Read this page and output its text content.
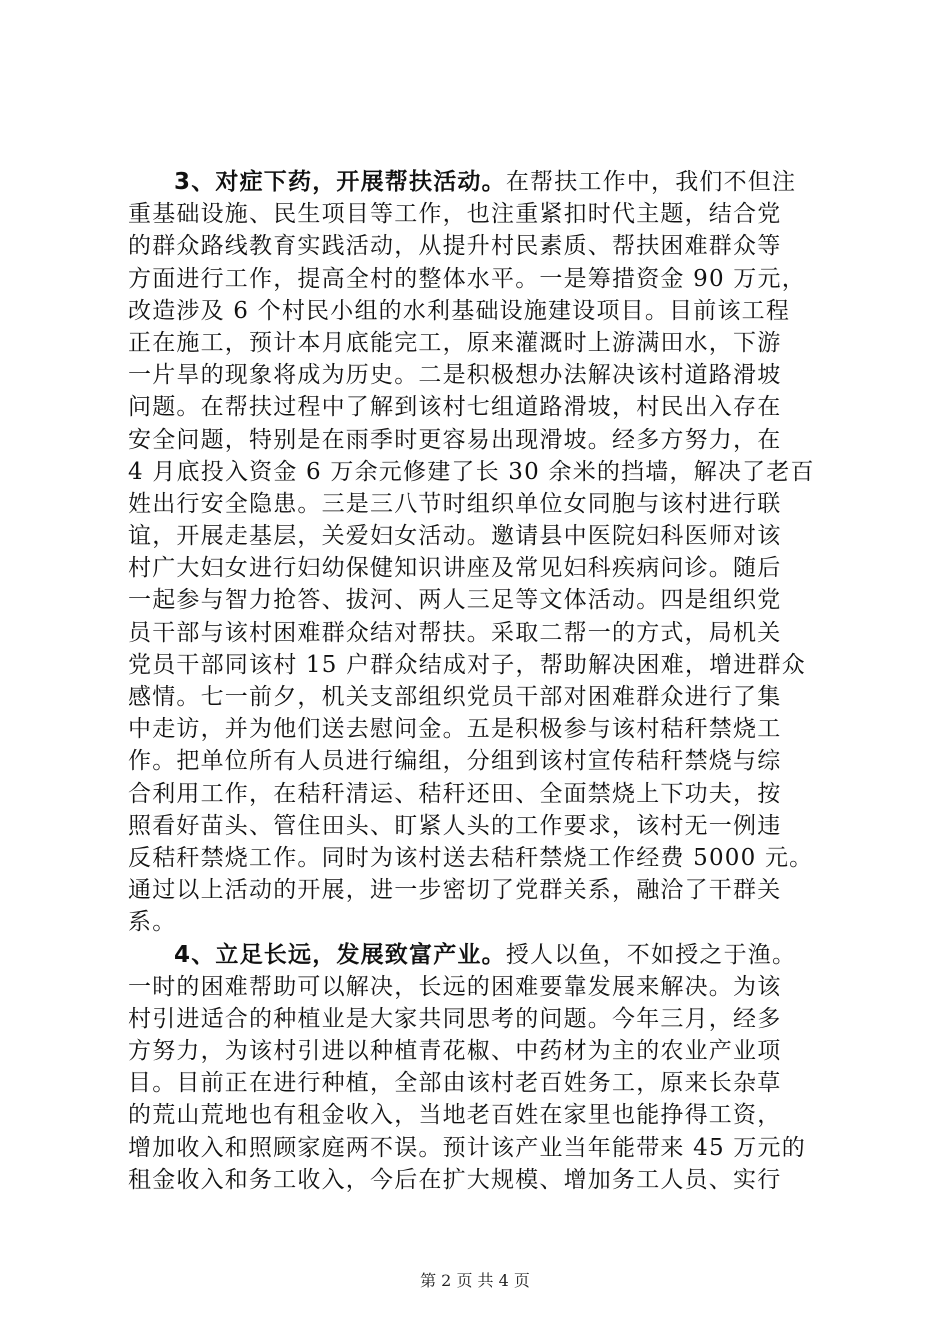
3、对症下药，开展帮扶活动。在帮扶工作中，我们不但注
重基础设施、民生项目等工作，也注重紧扣时代主题，结合党
的群众路线教育实践活动，从提升村民素质、帮扶困难群众等
方面进行工作，提高全村的整体水平。一是筹措资金 90 万元，
改造涉及 6 个村民小组的水利基础设施建设项目。目前该工程
正在施工，预计本月底能完工，原来灌溉时上游满田水，下游
一片旱的现象将成为历史。二是积极想办法解决该村道路滑坡
问题。在帮扶过程中了解到该村七组道路滑坡，村民出入存在
安全问题，特别是在雨季时更容易出现滑坡。经多方努力，在
4 月底投入资金 6 万余元修建了长 30 余米的挡墙，解决了老百
姓出行安全隐患。三是三八节时组织单位女同胞与该村进行联
谊，开展走基层，关爱妇女活动。邀请县中医院妇科医师对该
村广大妇女进行妇幼保健知识讲座及常见妇科疾病问诊。随后
一起参与智力抢答、拔河、两人三足等文体活动。四是组织党
员干部与该村困难群众结对帮扶。采取二帮一的方式，局机关
党员干部同该村 15 户群众结成对子，帮助解决困难，增进群众
感情。七一前夕，机关支部组织党员干部对困难群众进行了集
中走访，并为他们送去慰问金。五是积极参与该村秸秆禁烧工
作。把单位所有人员进行编组，分组到该村宣传秸秆禁烧与综
合利用工作，在秸秆清运、秸秆还田、全面禁烧上下功夫，按
照看好苗头、管住田头、盯紧人头的工作要求，该村无一例违
反秸秆禁烧工作。同时为该村送去秸秆禁烧工作经费 5000 元。
通过以上活动的开展，进一步密切了党群关系，融洽了干群关
系。
4、立足长远，发展致富产业。授人以鱼，不如授之于渔。
一时的困难帮助可以解决，长远的困难要靠发展来解决。为该
村引进适合的种植业是大家共同思考的问题。今年三月，经多
方努力，为该村引进以种植青花椒、中药材为主的农业产业项
目。目前正在进行种植，全部由该村老百姓务工，原来长杂草
的荒山荒地也有租金收入，当地老百姓在家里也能挣得工资，
增加收入和照顾家庭两不误。预计该产业当年能带来 45 万元的
租金收入和务工收入，今后在扩大规模、增加务工人员、实行
第 2 页 共 4 页
